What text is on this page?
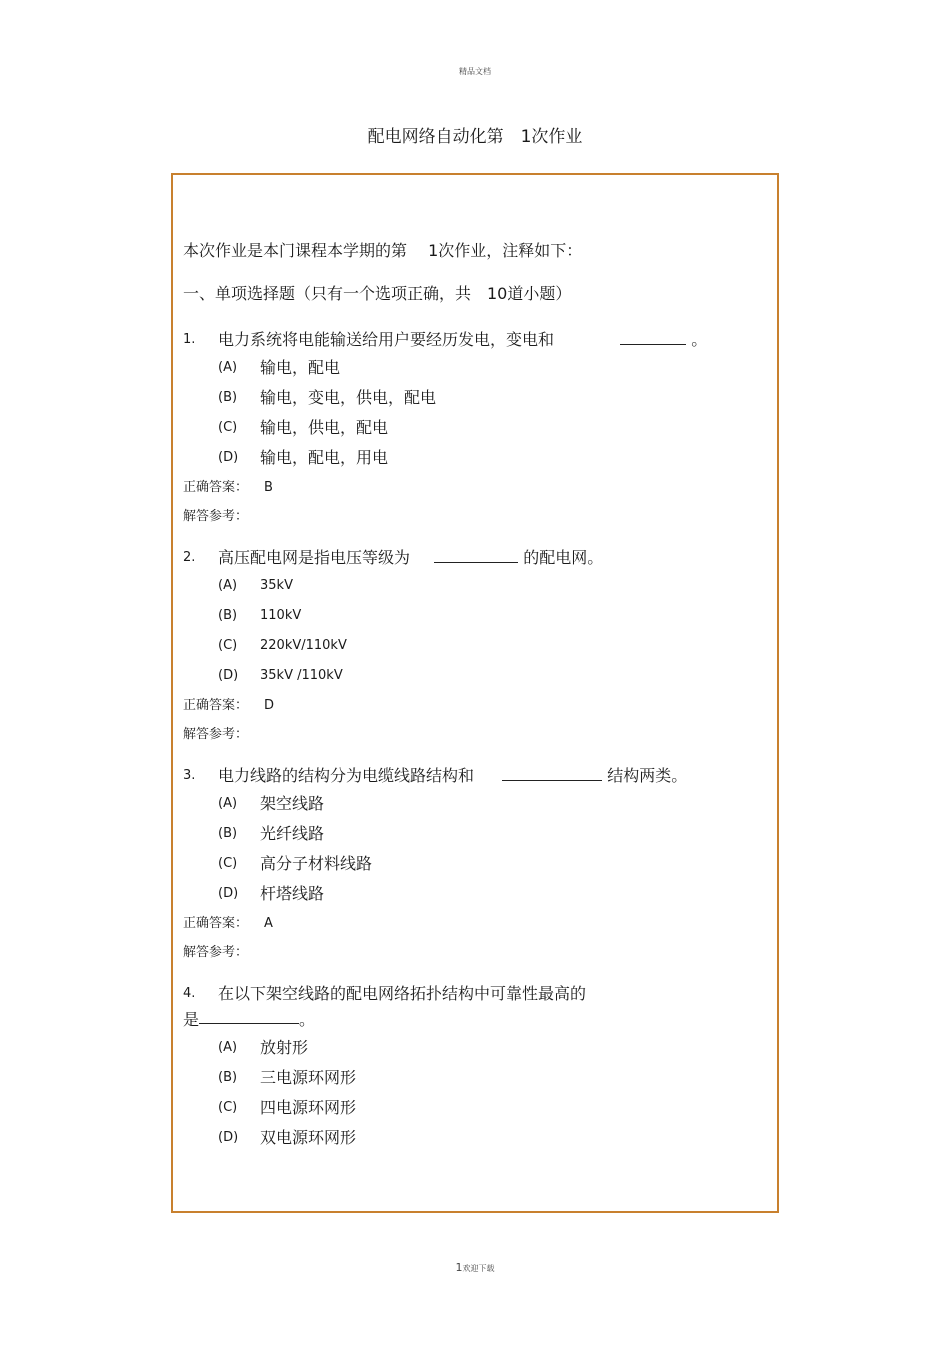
精品文档
配电网络自动化第　1次作业
本次作业是本门课程本学期的第　 1次作业，注释如下：
一、单项选择题（只有一个选项正确，共　10道小题）
1.	电力系统将电能输送给用户要经历发电，变电和	。
(A)	输电，配电
(B)	输电，变电，供电，配电
(C)	输电，供电，配电
(D)	输电，配电，用电
正确答案： B
解答参考：
2.	高压配电网是指电压等级为	的配电网。
(A)	35kV
(B)	110kV
(C)	220kV/110kV
(D)	35kV /110kV
正确答案： D
解答参考：
3.	电力线路的结构分为电缆线路结构和	结构两类。
(A)	架空线路
(B)	光纤线路
(C)	高分子材料线路
(D)	杆塔线路
正确答案： A
解答参考：
4.	在以下架空线路的配电网络拓扑结构中可靠性最高的
是	。
(A)	放射形
(B)	三电源环网形
(C)	四电源环网形
(D)	双电源环网形
1欢迎下载
